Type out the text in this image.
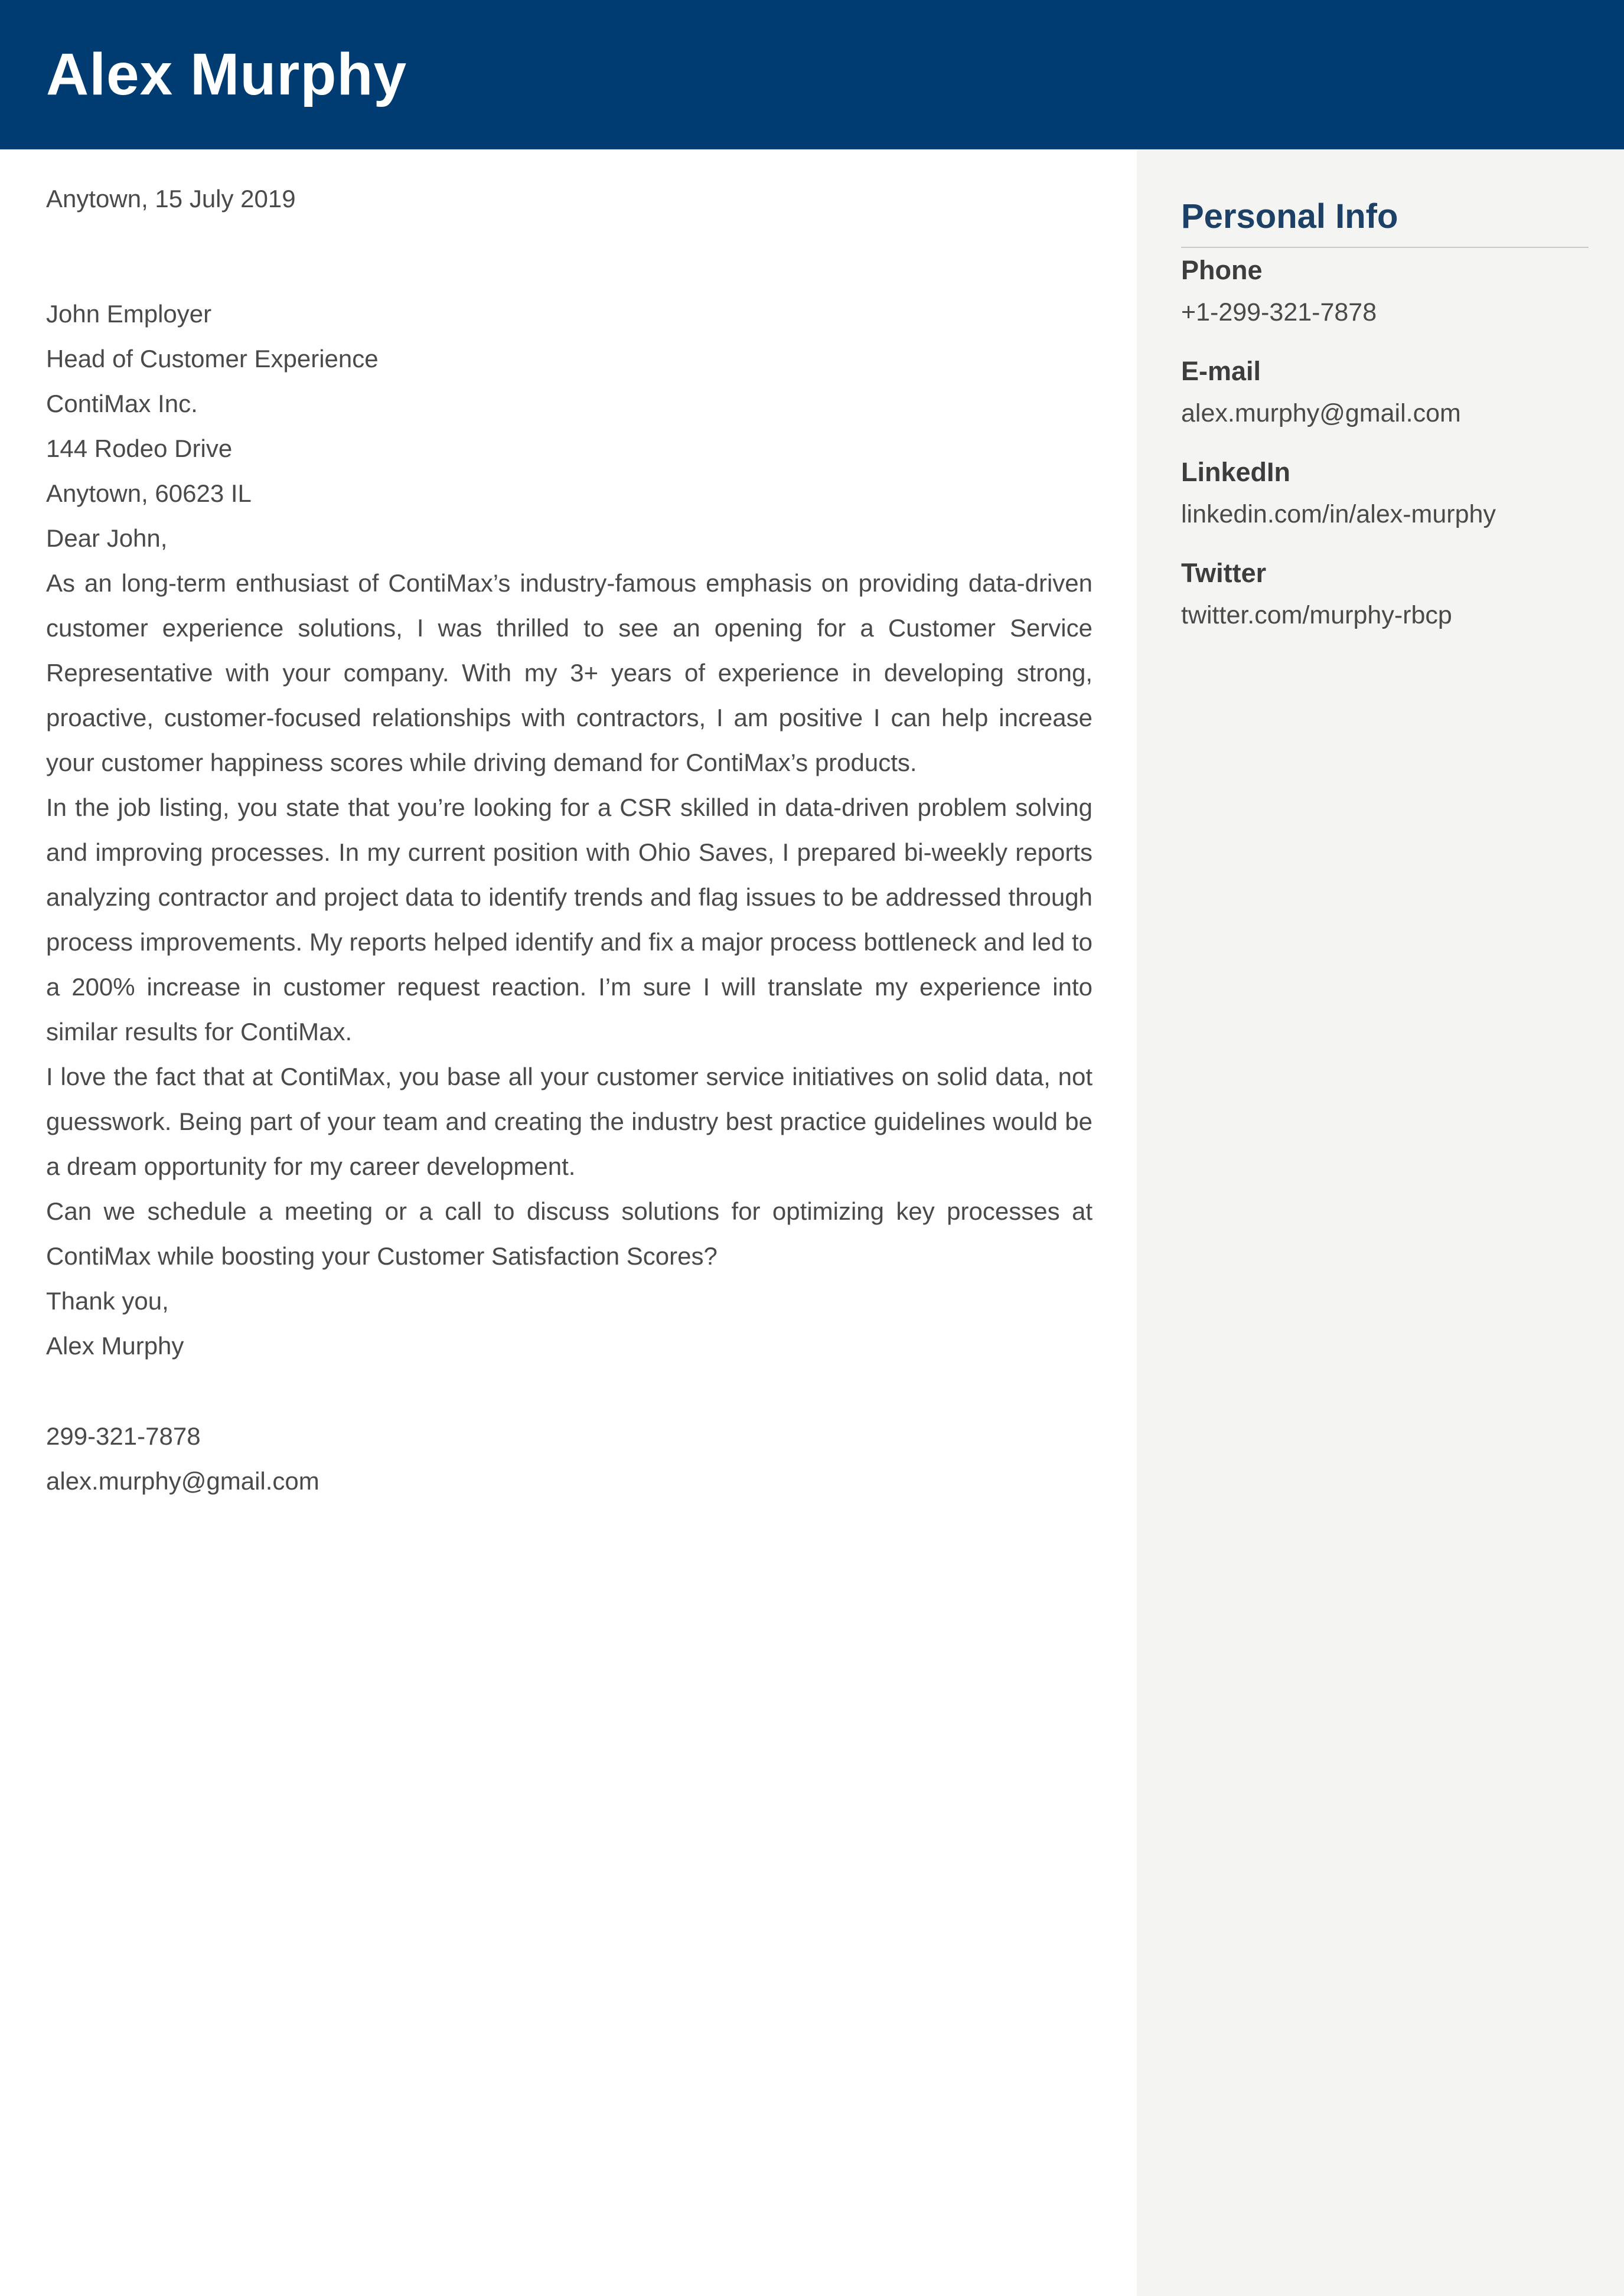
Alex Murphy

Anytown, 15 July 2019

John Employer

Head of Customer Experience

ContiMax Inc.

144 Rodeo Drive

Anytown, 60623 IL

Dear John,

As an long-term enthusiast of ContiMax’s industry-famous emphasis on providing data-driven customer experience solutions, I was thrilled to see an opening for a Customer Service Representative with your company. With my 3+ years of experience in developing strong, proactive, customer-focused relationships with contractors, I am positive I can help increase your customer happiness scores while driving demand for ContiMax’s products.

In the job listing, you state that you’re looking for a CSR skilled in data-driven problem solving and improving processes. In my current position with Ohio Saves, I prepared bi-weekly reports analyzing contractor and project data to identify trends and flag issues to be addressed through process improvements. My reports helped identify and fix a major process bottleneck and led to a 200% increase in customer request reaction. I’m sure I will translate my experience into similar results for ContiMax.

I love the fact that at ContiMax, you base all your customer service initiatives on solid data, not guesswork. Being part of your team and creating the industry best practice guidelines would be a dream opportunity for my career development.

Can we schedule a meeting or a call to discuss solutions for optimizing key processes at ContiMax while boosting your Customer Satisfaction Scores?

Thank you,

Alex Murphy

299-321-7878

alex.murphy@gmail.com

Personal Info
Phone
+1-299-321-7878
E-mail
alex.murphy@gmail.com
LinkedIn
linkedin.com/in/alex-murphy
Twitter
twitter.com/murphy-rbcp
